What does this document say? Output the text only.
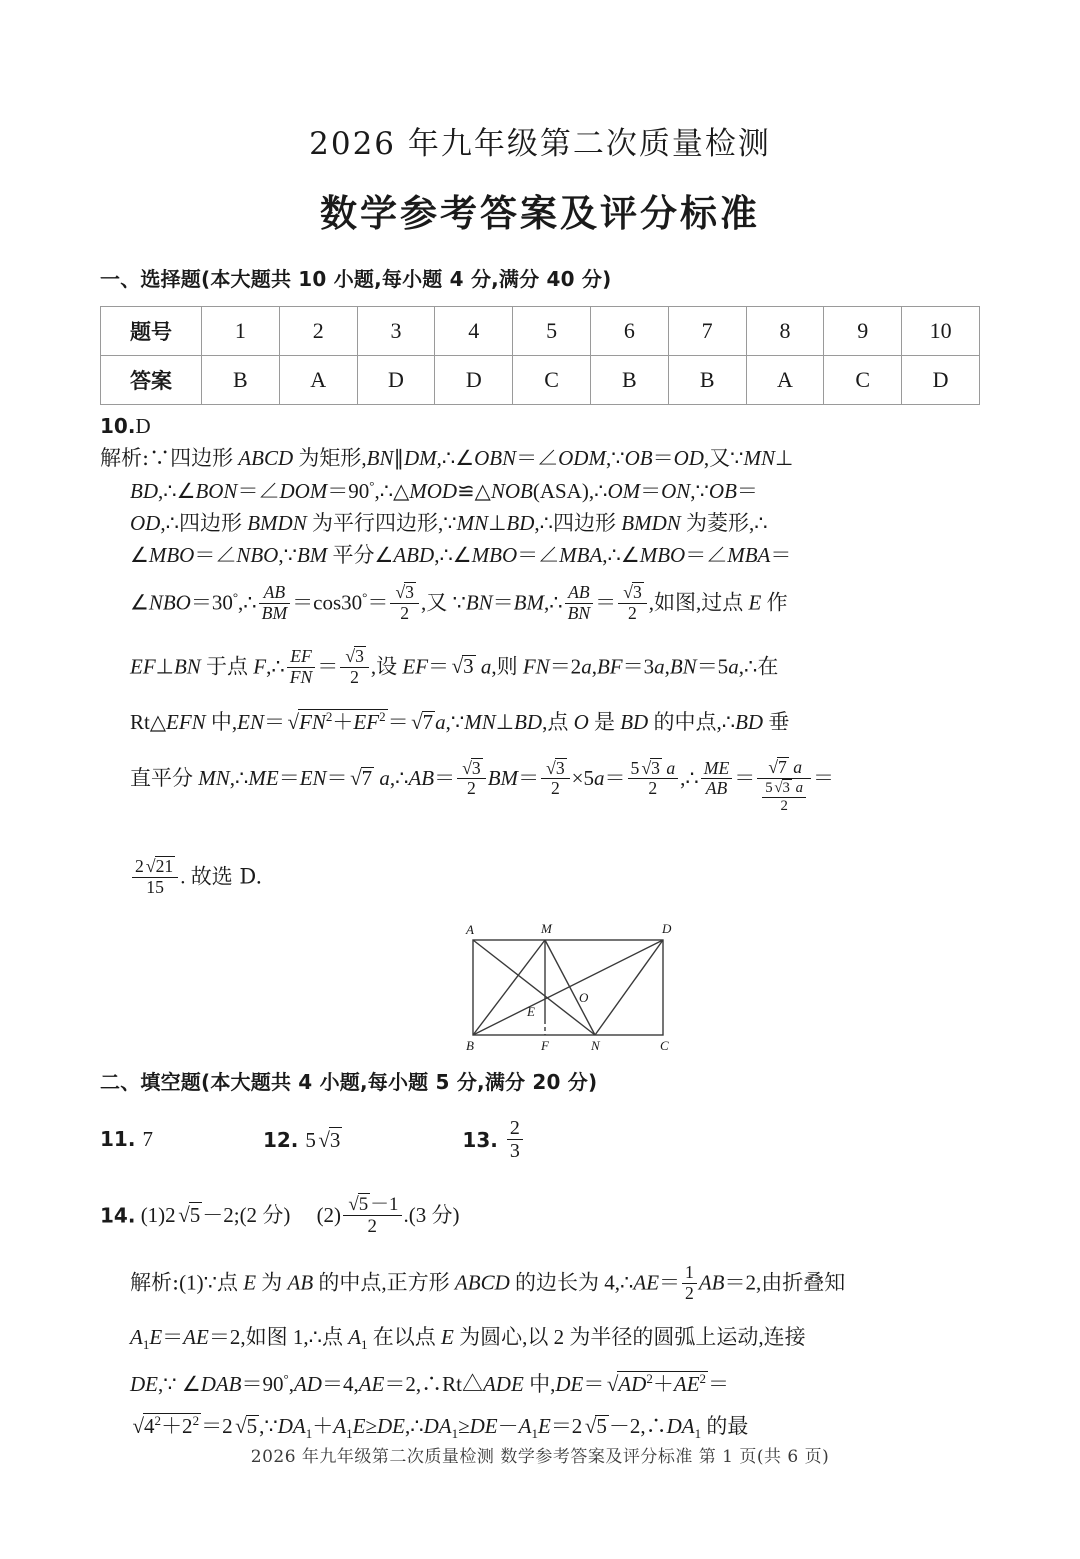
2026 年九年级第二次质量检测
数学参考答案及评分标准
一、选择题(本大题共 10 小题,每小题 4 分,满分 40 分)
题号	1	2	3	4	5	6	7	8	9	10
答案	B	A	D	D	C	B	B	A	C	D

10.D

解析:∵四边形 ABCD 为矩形,BN∥DM,∴∠OBN＝∠ODM,∵OB＝OD,又∵MN⊥

BD,∴∠BON＝∠DOM＝90°,∴△MOD≌△NOB(ASA),∴OM＝ON,∵OB＝

OD,∴四边形 BMDN 为平行四边形,∵MN⊥BD,∴四边形 BMDN 为菱形,∴

∠MBO＝∠NBO,∵BM 平分∠ABD,∴∠MBO＝∠MBA,∴∠MBO＝∠MBA＝

∠NBO＝30°,∴ $\frac{AB}{BM} =\cos 30^\circ= \frac{√3}{2}$ ,又 ∵BN＝BM,∴ $\frac{AB}{BN} = \frac{√3}{2}$ ,如图,过点 E 作

EF⊥BN 于点 F,∴ $\frac{EF}{FN} = \frac{√3}{2}$ ,设 EF＝ √3 a,则 FN＝2a,BF＝3a,BN＝5a,∴在

Rt△EFN 中$,EN= √FN^2+EF^2=$ √7a,∵MN⊥BD,点 O 是 BD 的中点,∴BD 垂

直平分 MN,∴ME＝EN＝ √7 a,∴AB＝ $\frac{√3}{2} BM= \frac{√3}{2} \times 5a= \frac{5 √3 a}{2}$ ,∴ $\frac{ME}{AB} = \frac{√7 a}{\frac{5 √3 a}{2}}$ ＝

$\frac{2 √21}{15}$ . 故选 D.

A	M	D
B	F	N	C
E
O
二、填空题(本大题共 4 小题,每小题 5 分,满分 20 分)
11. 7	12. 5 √3	13. $\frac{2}{3}$
14. (1)2 √5－2;(2 分) $(2) \frac{√5 -1}{2} .(3$ 分)

解析:(1)∵点 E 为 AB 的中点,正方形 ABCD 的边长为 4,∴AE＝ $\frac{1}{2} AB=2$,由折叠知

$A_1E=AE=2$,如图 1,∴点 $A_1$ 在以点 E 为圆心,以 2 为半径的圆弧上运动,连接

DE,∵ ∠DAB＝90°,AD＝4,AE＝2,∴Rt△ADE 中$,DE= √AD^2+AE^2=$

$√4^2+2^2=2$ $√5,\because DA_1+A_1E\ge DE,\therefore DA_1\ge DE-A_1E=2$ $√5-2,\therefore DA_1$ 的最

2026 年九年级第二次质量检测 数学参考答案及评分标准 第 1 页(共 6 页)
